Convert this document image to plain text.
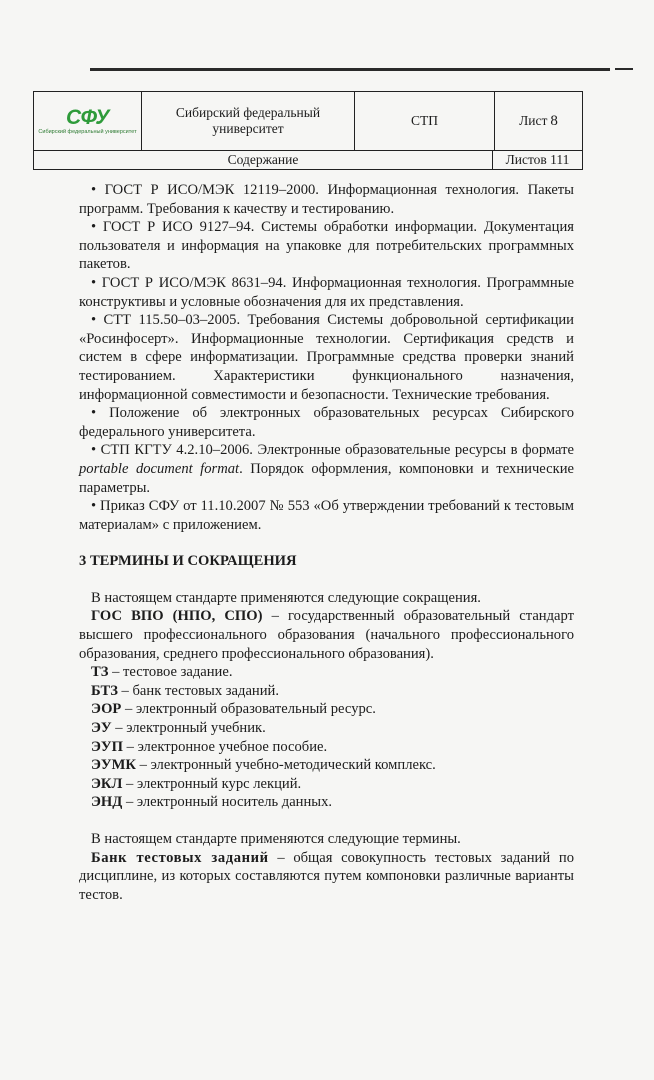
СФУ
Сибирский федеральный университет
Сибирский федеральный
университет
СТП	Лист 8
Содержание	Листов 111

• ГОСТ Р ИСО/МЭК 12119–2000. Информационная технология. Пакеты программ. Требования к качеству и тестированию.

• ГОСТ Р ИСО 9127–94. Системы обработки информации. Документация пользователя и информация на упаковке для потребительских программных пакетов.

• ГОСТ Р ИСО/МЭК 8631–94. Информационная технология. Программные конструктивы и условные обозначения для их представления.

• СТТ 115.50–03–2005. Требования Системы добровольной сертификации «Росинфосерт». Информационные технологии. Сертификация средств и систем в сфере информатизации. Программные средства проверки знаний тестированием. Характеристики функционального назначения, информационной совместимости и безопасности. Технические требования.

• Положение об электронных образовательных ресурсах Сибирского федерального университета.

• СТП КГТУ 4.2.10–2006. Электронные образовательные ресурсы в формате portable document format. Порядок оформления, компоновки и технические параметры.

• Приказ СФУ от 11.10.2007 № 553 «Об утверждении требований к тестовым материалам» с приложением.

3 ТЕРМИНЫ И СОКРАЩЕНИЯ

В настоящем стандарте применяются следующие сокращения.

ГОС ВПО (НПО, СПО) – государственный образовательный стандарт высшего профессионального образования (начального профессионального образования, среднего профессионального образования).

ТЗ – тестовое задание.

БТЗ – банк тестовых заданий.

ЭОР – электронный образовательный ресурс.

ЭУ – электронный учебник.

ЭУП – электронное учебное пособие.

ЭУМК – электронный учебно-методический комплекс.

ЭКЛ – электронный курс лекций.

ЭНД – электронный носитель данных.

В настоящем стандарте применяются следующие термины.

Банк тестовых заданий – общая совокупность тестовых заданий по дисциплине, из которых составляются путем компоновки различные варианты тестов.
